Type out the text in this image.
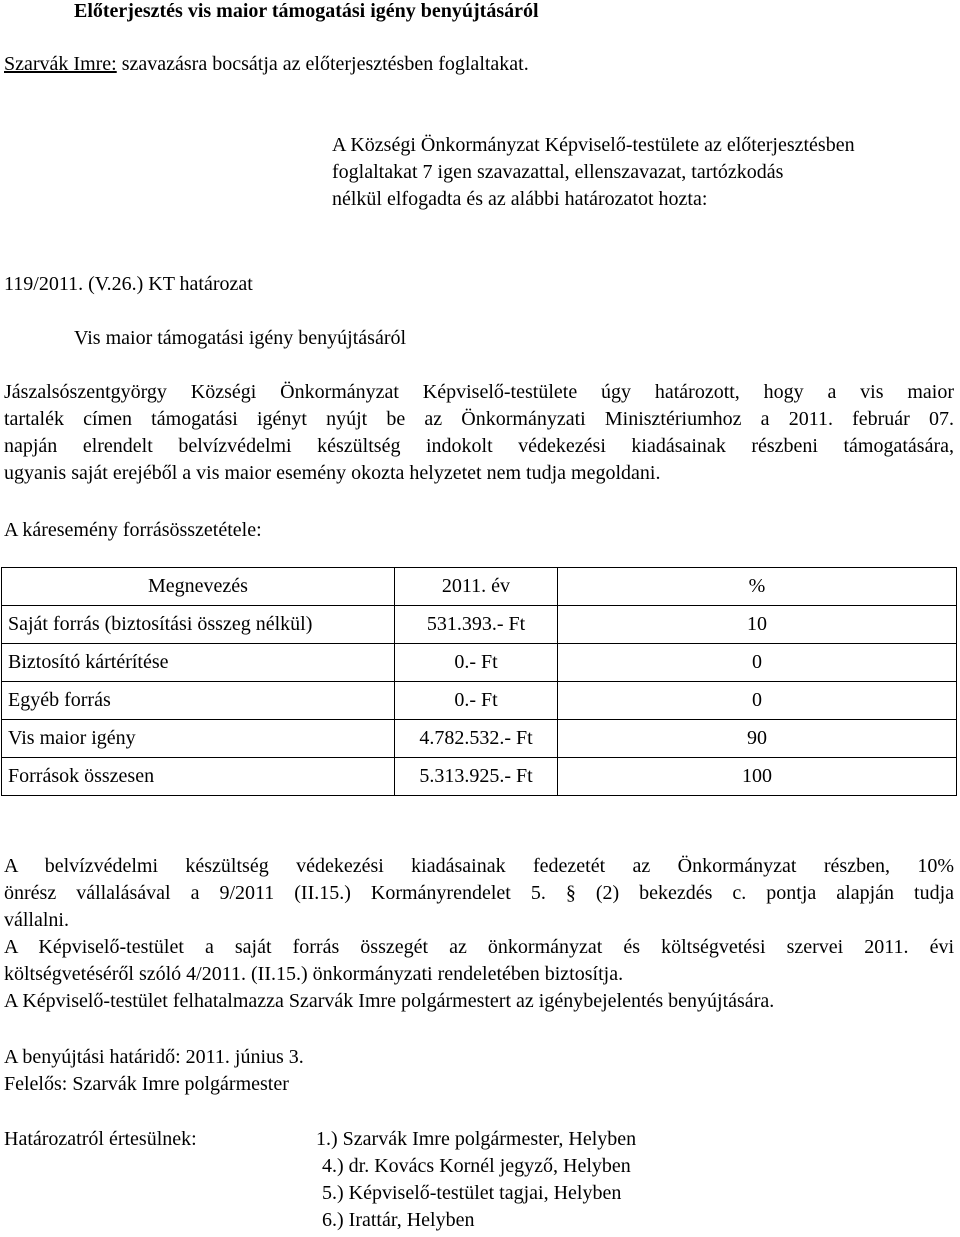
Előterjesztés vis maior támogatási igény benyújtásáról
Szarvák Imre: szavazásra bocsátja az előterjesztésben foglaltakat.
A Községi Önkormányzat Képviselő-testülete az előterjesztésben
foglaltakat 7 igen szavazattal, ellenszavazat, tartózkodás
nélkül elfogadta és az alábbi határozatot hozta:
119/2011. (V.26.) KT határozat
Vis maior támogatási igény benyújtásáról
Jászalsószentgyörgy Községi Önkormányzat Képviselő-testülete úgy határozott, hogy a vis maior
tartalék címen támogatási igényt nyújt be az Önkormányzati Minisztériumhoz a 2011. február 07.
napján elrendelt belvízvédelmi készültség indokolt védekezési kiadásainak részbeni támogatására,
ugyanis saját erejéből a vis maior esemény okozta helyzetet nem tudja megoldani.
A káresemény forrásösszetétele:
Megnevezés	2011. év	%
Saját forrás (biztosítási összeg nélkül)	531.393.- Ft	10
Biztosító kártérítése	0.- Ft	0
Egyéb forrás	0.- Ft	0
Vis maior igény	4.782.532.- Ft	90
Források összesen	5.313.925.- Ft	100
A belvízvédelmi készültség védekezési kiadásainak fedezetét az Önkormányzat részben, 10%
önrész vállalásával a 9/2011 (II.15.) Kormányrendelet 5. § (2) bekezdés c. pontja alapján tudja
vállalni.
A Képviselő-testület a saját forrás összegét az önkormányzat és költségvetési szervei 2011. évi
költségvetéséről szóló 4/2011. (II.15.) önkormányzati rendeletében biztosítja.
A Képviselő-testület felhatalmazza Szarvák Imre polgármestert az igénybejelentés benyújtására.
A benyújtási határidő: 2011. június 3.
Felelős: Szarvák Imre polgármester
Határozatról értesülnek:	1.) Szarvák Imre polgármester, Helyben
4.) dr. Kovács Kornél jegyző, Helyben
5.) Képviselő-testület tagjai, Helyben
6.) Irattár, Helyben
